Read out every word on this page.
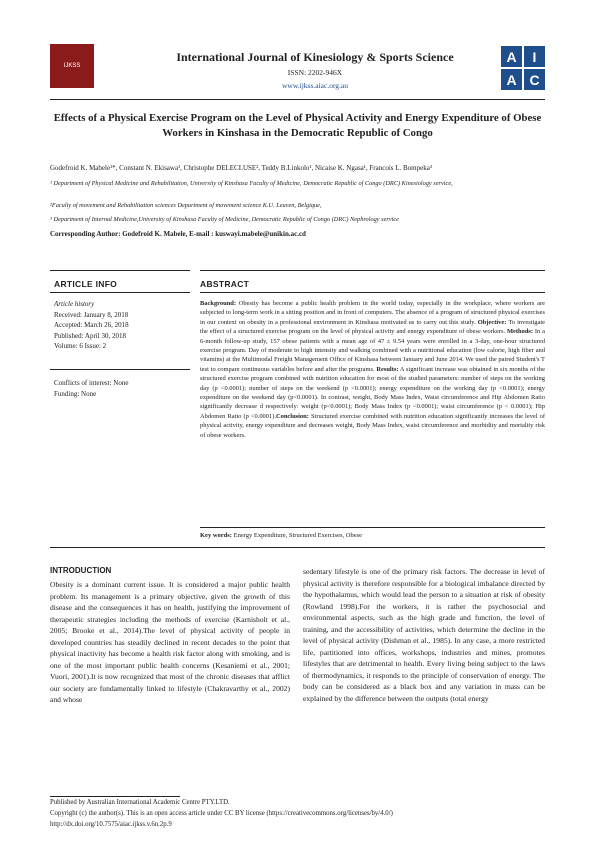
IJKSS
International Journal of Kinesiology & Sports Science
ISSN: 2202-946X
www.ijkss.aiac.org.au
A	I
A C
Effects of a Physical Exercise Program on the Level of Physical Activity and Energy Expenditure of Obese Workers in Kinshasa in the Democratic Republic of Congo
Godefroid K. Mabele¹*, Constant N. Ekisawa¹, Christophe DELECLUSE², Teddy B.Linkolo¹, Nicaise K. Ngasa¹, Francois L. Bompeka³
¹ Department of Physical Medicine and Rehabilitation, University of Kinshasa Faculty of Medicine, Democratic Republic of Congo (DRC) Kinesiology service,
²Faculty of movement and Rehabilitation sciences Department of movement science K.U. Leuven, Belgique,
³ Department of Internal Medicine,University of Kinshasa Faculty of Medicine, Democratic Republic of Congo (DRC) Nephrology service
Corresponding Author: Godefroid K. Mabele, E-mail : kuswayi.mabele@unikin.ac.cd
ARTICLE INFO
Article history
Received: January 8, 2018
Accepted: March 26, 2018
Published: April 30, 2018
Volume: 6 Issue: 2
Conflicts of interest: None
Funding: None
ABSTRACT
Background: Obesity has become a public health problem in the world today, especially in the workplace, where workers are subjected to long-term work in a sitting position and in front of computers. The absence of a program of structured physical exercises in our context on obesity in a professional environment in Kinshasa motivated us to carry out this study. Objective: To investigate the effect of a structured exercise program on the level of physical activity and energy expenditure of obese workers. Methods: In a 6-month follow-up study, 157 obese patients with a mean age of 47 ± 9.54 years were enrolled in a 3-day, one-hour structured exercise program. Day of moderate to high intensity and walking combined with a nutritional education (low calorie, high fiber and vitamins) at the Multimodal Freight Management Office of Kinshasa between January and June 2014. We used the paired Student's T test to compare continuous variables before and after the programs. Results: A significant increase was obtained in six months of the structured exercise program combined with nutrition education for most of the studied parameters: number of steps on the working day (p <0.0001); number of steps on the weekend (p <0.0001); energy expenditure on the working day (p <0.0001); energy expenditure on the weekend day (p<0.0001). In contrast, weight, Body Mass Index, Waist circumference and Hip Abdomen Ratio significantly decrease d respectively: weight (p<0.0001); Body Mass Index (p <0.0001); waist circumference (p < 0.0001); Hip Abdomen Ratio (p <0.0001).Conclusion: Structured exercise combined with nutrition education significantly increases the level of physical activity, energy expenditure and decreases weight, Body Mass Index, waist circumference and morbidity and mortality risk of obese workers.
Key words: Energy Expenditure, Structured Exercises, Obese
INTRODUCTION
Obesity is a dominant current issue. It is considered a major public health problem. Its management is a primary objective, given the growth of this disease and the consequences it has on health, justifying the improvement of therapeutic strategies including the methods of exercise (Karnisholt et al., 2005; Brooke et al., 2014).The level of physical activity of people in developed countries has steadily declined in recent decades to the point that physical inactivity has become a health risk factor along with smoking, and is one of the most important public health concerns (Kesaniemi et al., 2001; Vuori, 2001).It is now recognized that most of the chronic diseases that afflict our society are fundamentally linked to lifestyle (Chakravarthy et al., 2002) and whose
sedentary lifestyle is one of the primary risk factors. The decrease in level of physical activity is therefore responsible for a biological imbalance directed by the hypothalamus, which would lead the person to a situation at risk of obesity (Rowland 1998).For the workers, it is rather the psychosocial and environmental aspects, such as the high grade and function, the level of training, and the accessibility of activities, which determine the decline in the level of physical activity (Dishman et al., 1985). In any case, a more restricted life, partitioned into offices, workshops, industries and mines, promotes lifestyles that are detrimental to health. Every living being subject to the laws of thermodynamics, it responds to the principle of conservation of energy. The body can be considered as a black box and any variation in mass can be explained by the difference between the outputs (total energy
Published by Australian International Academic Centre PTY.LTD.
Copyright (c) the author(s). This is an open access article under CC BY license (https://creativecommons.org/licenses/by/4.0/)
http://dx.doi.org/10.7575/aiac.ijkss.v.6n.2p.9
